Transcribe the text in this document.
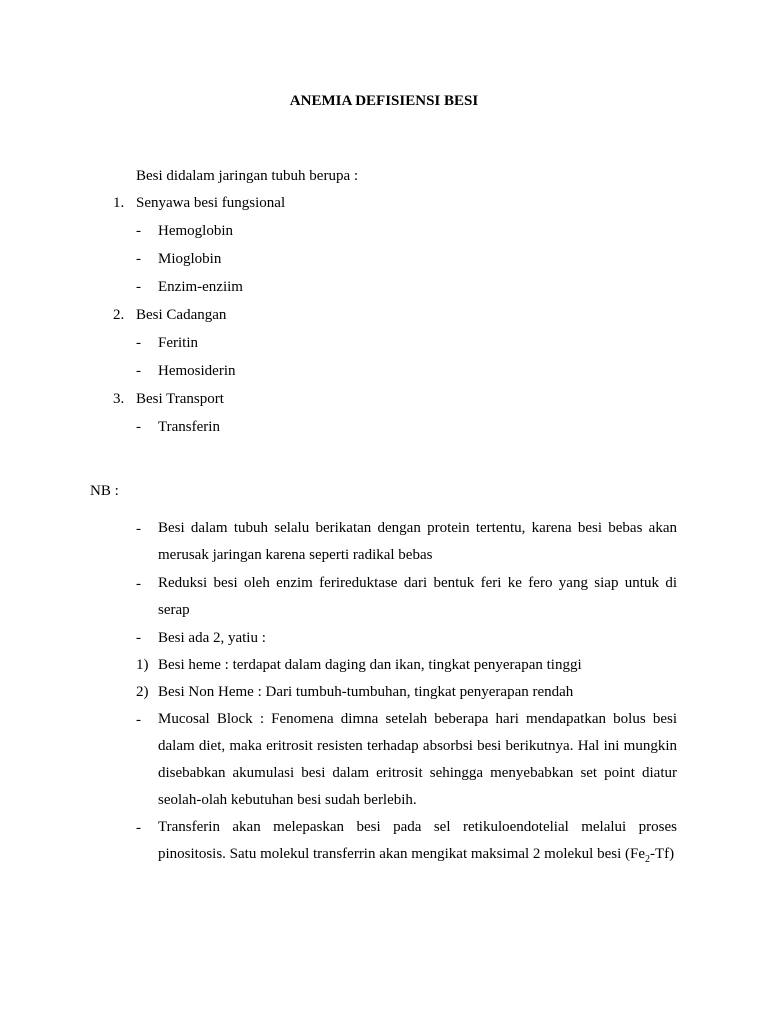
ANEMIA DEFISIENSI BESI
Besi didalam jaringan tubuh berupa :
1. Senyawa besi fungsional
- Hemoglobin
- Mioglobin
- Enzim-enziim
2. Besi Cadangan
- Feritin
- Hemosiderin
3. Besi Transport
- Transferin
NB :
- Besi dalam tubuh selalu berikatan dengan protein tertentu, karena besi bebas akan merusak jaringan karena seperti radikal bebas
- Reduksi besi oleh enzim ferireduktase dari bentuk feri ke fero yang siap untuk di serap
- Besi ada 2, yatiu :
1) Besi heme : terdapat dalam daging dan ikan, tingkat penyerapan tinggi
2) Besi Non Heme : Dari tumbuh-tumbuhan, tingkat penyerapan rendah
- Mucosal Block : Fenomena dimna setelah beberapa hari mendapatkan bolus besi dalam diet, maka eritrosit resisten terhadap absorbsi besi berikutnya. Hal ini mungkin disebabkan akumulasi besi dalam eritrosit sehingga menyebabkan set point diatur seolah-olah kebutuhan besi sudah berlebih.
- Transferin akan melepaskan besi pada sel retikuloendotelial melalui proses pinositosis. Satu molekul transferrin akan mengikat maksimal 2 molekul besi $(Fe_2-Tf)$
